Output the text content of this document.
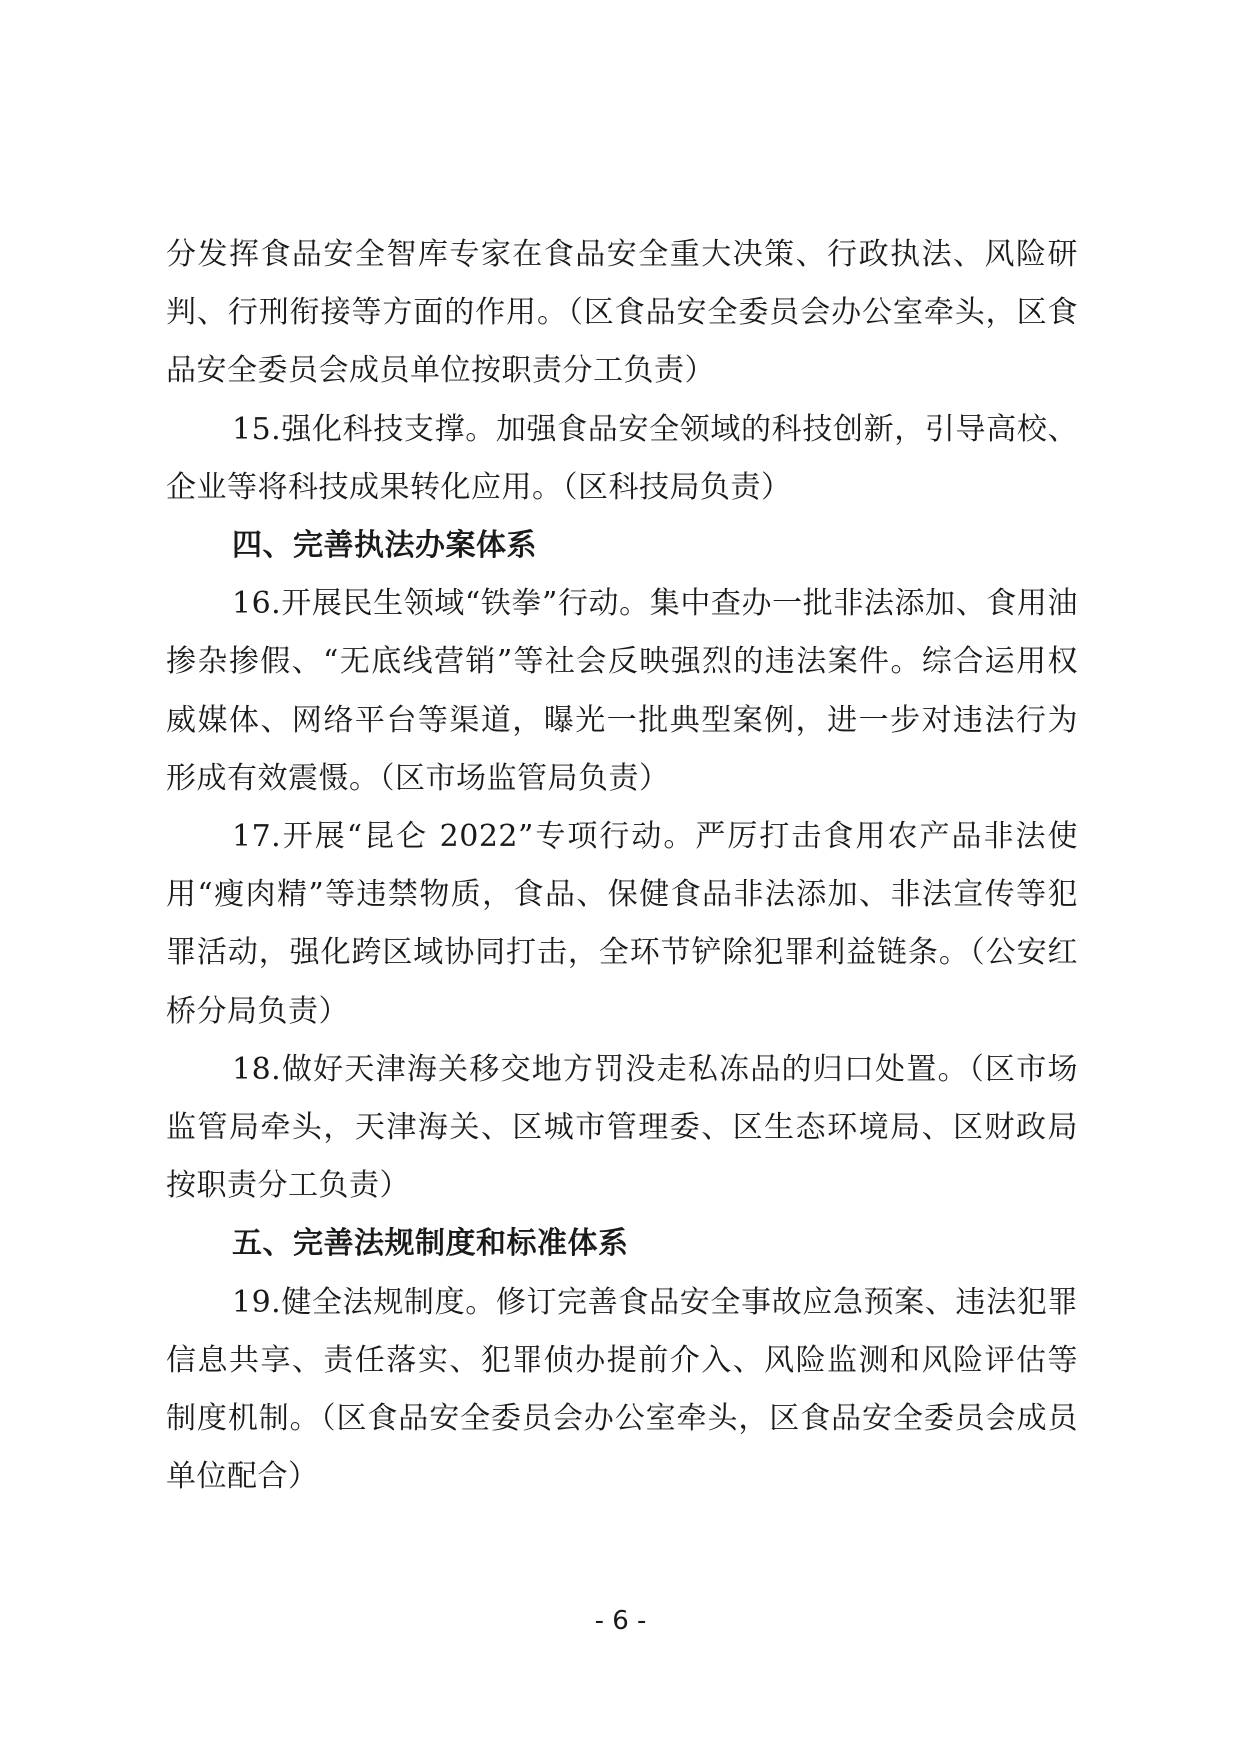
分发挥食品安全智库专家在食品安全重大决策、行政执法、风险研判、行刑衔接等方面的作用。（区食品安全委员会办公室牵头，区食品安全委员会成员单位按职责分工负责）

15.强化科技支撑。加强食品安全领域的科技创新，引导高校、企业等将科技成果转化应用。（区科技局负责）

四、完善执法办案体系

16.开展民生领域“铁拳”行动。集中查办一批非法添加、食用油掺杂掺假、“无底线营销”等社会反映强烈的违法案件。综合运用权威媒体、网络平台等渠道，曝光一批典型案例，进一步对违法行为形成有效震慑。（区市场监管局负责）

17.开展“昆仑 2022”专项行动。严厉打击食用农产品非法使用“瘦肉精”等违禁物质，食品、保健食品非法添加、非法宣传等犯罪活动，强化跨区域协同打击，全环节铲除犯罪利益链条。（公安红桥分局负责）

18.做好天津海关移交地方罚没走私冻品的归口处置。（区市场监管局牵头，天津海关、区城市管理委、区生态环境局、区财政局按职责分工负责）

五、完善法规制度和标准体系

19.健全法规制度。修订完善食品安全事故应急预案、违法犯罪信息共享、责任落实、犯罪侦办提前介入、风险监测和风险评估等制度机制。（区食品安全委员会办公室牵头，区食品安全委员会成员单位配合）

- 6 -
